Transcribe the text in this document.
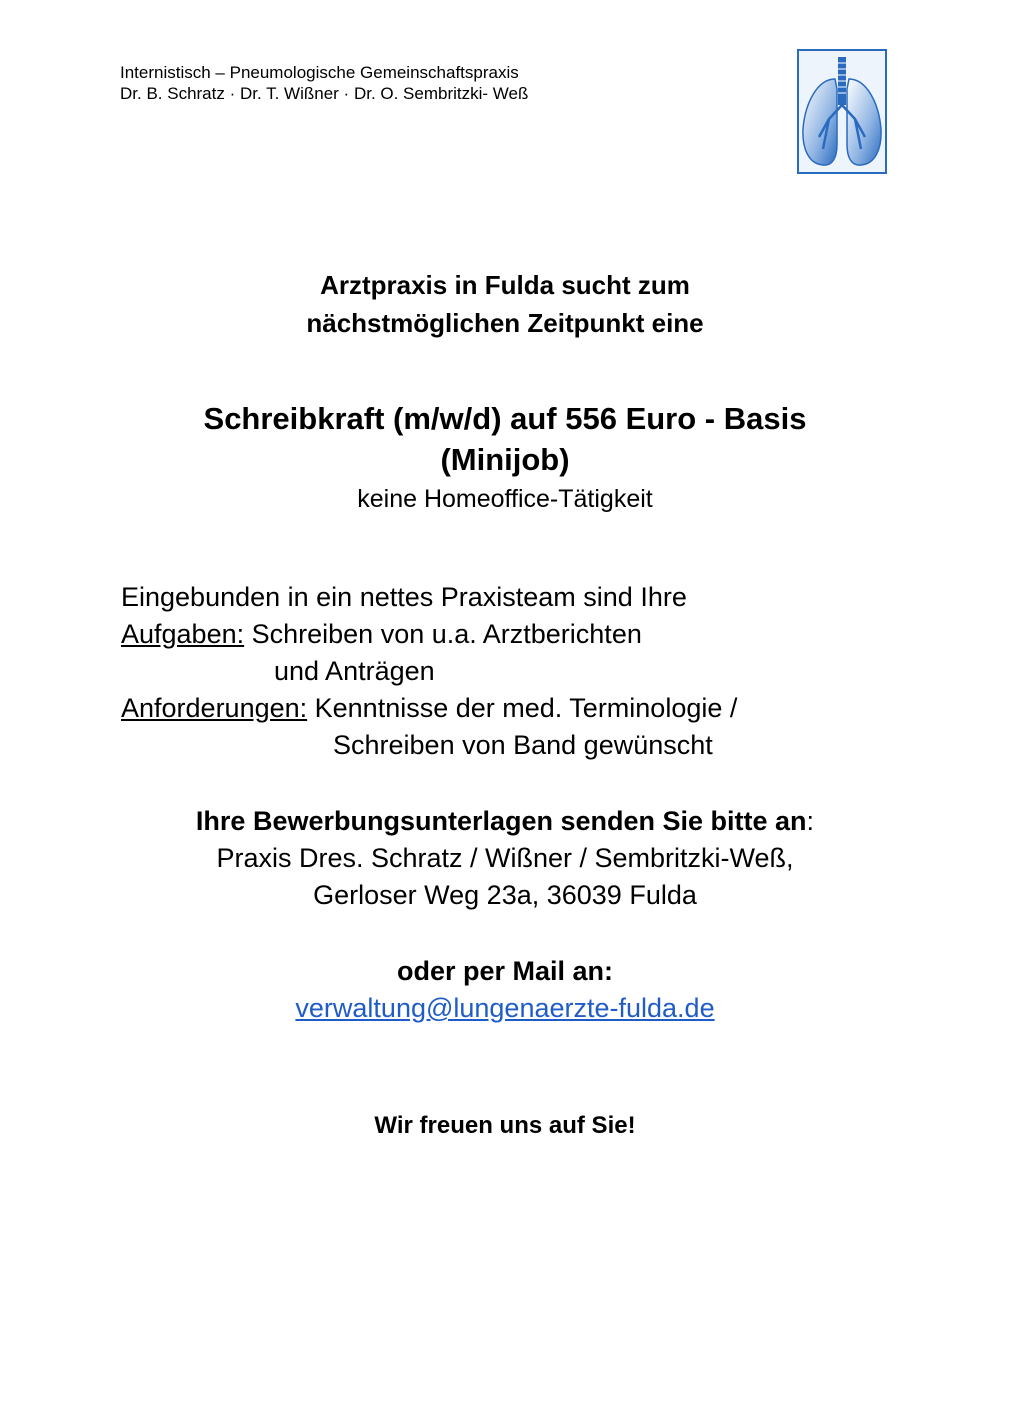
Internistisch – Pneumologische Gemeinschaftspraxis
Dr. B. Schratz · Dr. T. Wißner · Dr. O. Sembritzki- Weß
Arztpraxis in Fulda sucht zum
nächstmöglichen Zeitpunkt eine
Schreibkraft (m/w/d) auf 556 Euro - Basis
(Minijob)
keine Homeoffice-Tätigkeit
Eingebunden in ein nettes Praxisteam sind Ihre
Aufgaben: Schreiben von u.a. Arztberichten
und Anträgen
Anforderungen: Kenntnisse der med. Terminologie /
Schreiben von Band gewünscht
Ihre Bewerbungsunterlagen senden Sie bitte an:
Praxis Dres. Schratz / Wißner / Sembritzki-Weß,
Gerloser Weg 23a, 36039 Fulda
oder per Mail an:
verwaltung@lungenaerzte-fulda.de
Wir freuen uns auf Sie!
